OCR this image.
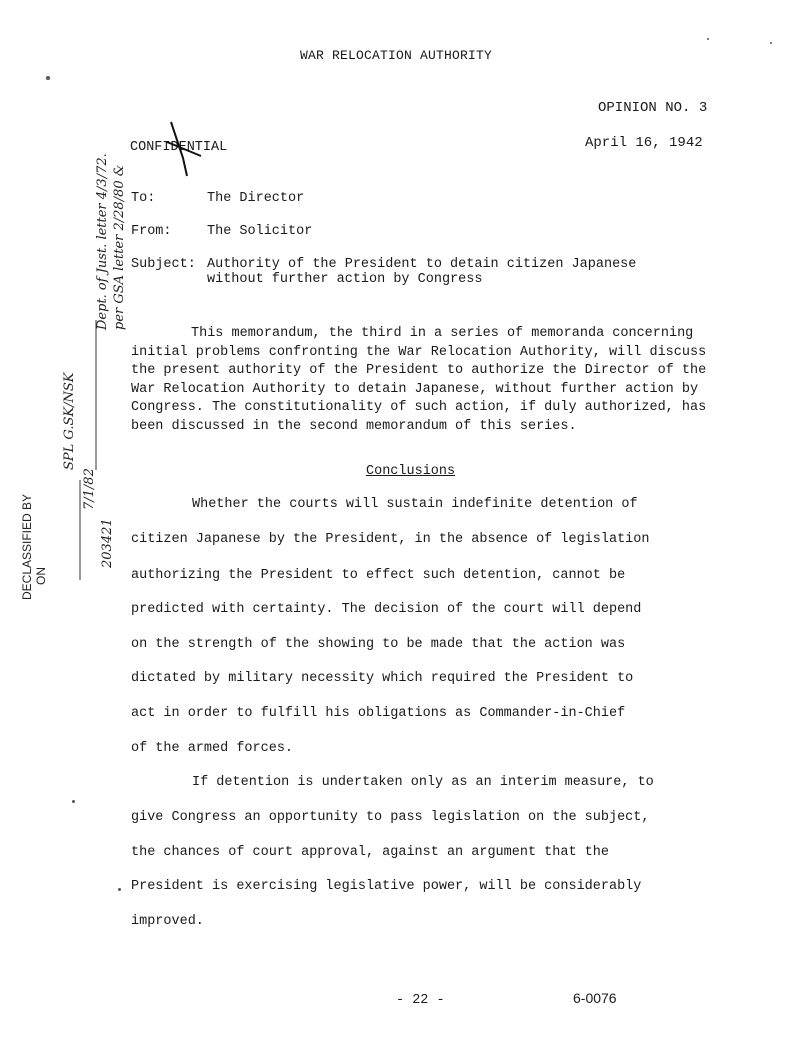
WAR RELOCATION AUTHORITY
OPINION NO. 3
April 16, 1942
CONFIDENTIAL
To:	The Director
From:	The Solicitor
Subject: Authority of the President to detain citizen Japanese
without further action by Congress
This memorandum, the third in a series of memoranda concerning initial problems confronting the War Relocation Authority, will discuss the present authority of the President to authorize the Director of the War Relocation Authority to detain Japanese, without further action by Congress. The constitutionality of such action, if duly authorized, has been discussed in the second memorandum of this series.
Conclusions
Whether the courts will sustain indefinite detention of
citizen Japanese by the President, in the absence of legislation
authorizing the President to effect such detention, cannot be
predicted with certainty. The decision of the court will depend
on the strength of the showing to be made that the action was
dictated by military necessity which required the President to
act in order to fulfill his obligations as Commander-in-Chief
of the armed forces.
If detention is undertaken only as an interim measure, to
give Congress an opportunity to pass legislation on the subject,
the chances of court approval, against an argument that the
President is exercising legislative power, will be considerably
improved.
DECLASSIFIED BY ON
per GSA letter 2/28/80 &
Dept. of Just. letter 4/3/72.
SPL G.SK/NSK
7/1/82
203421
- 22 -	6-0076
